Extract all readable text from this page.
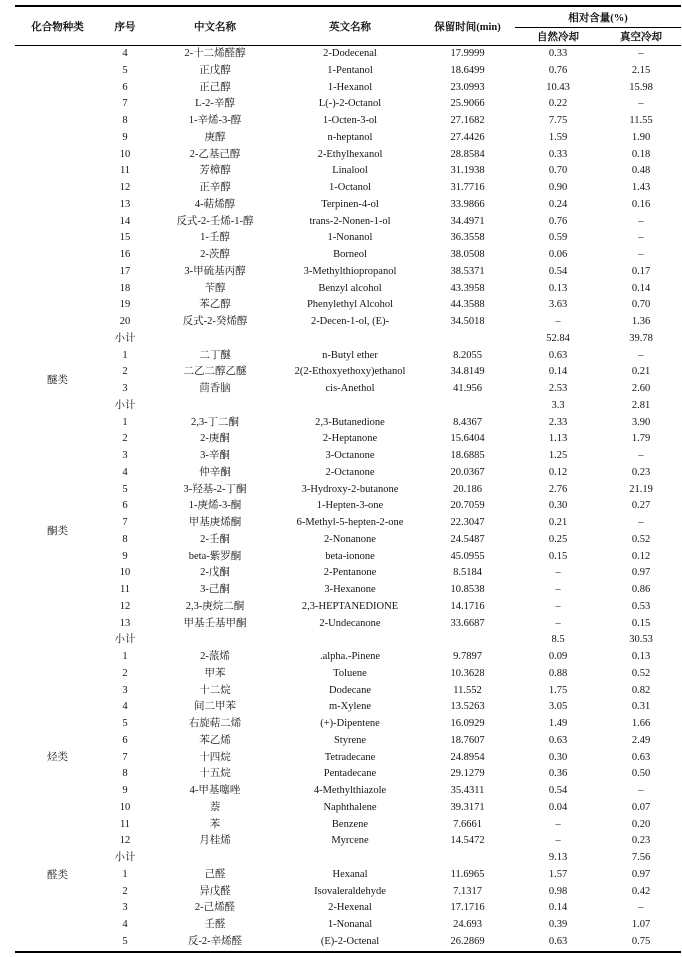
化合物种类	序号	中文名称	英文名称	保留时间(min)	相对含量(%)	
					自然冷却	真空冷却
	4	2-十二烯醛醇	2-Dodecenal	17.9999	0.33	–
	5	正戊醇	1-Pentanol	18.6499	0.76	2.15
	6	正己醇	1-Hexanol	23.0993	10.43	15.98
	7	L-2-辛醇	L(-)-2-Octanol	25.9066	0.22	–
	8	1-辛烯-3-醇	1-Octen-3-ol	27.1682	7.75	11.55
	9	庚醇	n-heptanol	27.4426	1.59	1.90
	10	2-乙基己醇	2-Ethylhexanol	28.8584	0.33	0.18
	11	芳樟醇	Linalool	31.1938	0.70	0.48
	12	正辛醇	1-Octanol	31.7716	0.90	1.43
	13	4-萜烯醇	Terpinen-4-ol	33.9866	0.24	0.16
	14	反式-2-壬烯-1-醇	trans-2-Nonen-1-ol	34.4971	0.76	–
	15	1-壬醇	1-Nonanol	36.3558	0.59	–
	16	2-茨醇	Borneol	38.0508	0.06	–
	17	3-甲硫基丙醇	3-Methylthiopropanol	38.5371	0.54	0.17
	18	苄醇	Benzyl alcohol	43.3958	0.13	0.14
	19	苯乙醇	Phenylethyl Alcohol	44.3588	3.63	0.70
	20	反式-2-癸烯醇	2-Decen-1-ol, (E)-	34.5018	–	1.36
	小计				52.84	39.78
醚类	1	二丁醚	n-Butyl ether	8.2055	0.63	–
	2	二乙二醇乙醚	2(2-Ethoxyethoxy)ethanol	34.8149	0.14	0.21
	3	茴香脑	cis-Anethol	41.956	2.53	2.60
	小计				3.3	2.81
酮类	1	2,3-丁二酮	2,3-Butanedione	8.4367	2.33	3.90
	2	2-庚酮	2-Heptanone	15.6404	1.13	1.79
	3	3-辛酮	3-Octanone	18.6885	1.25	–
	4	仲辛酮	2-Octanone	20.0367	0.12	0.23
	5	3-羟基-2-丁酮	3-Hydroxy-2-butanone	20.186	2.76	21.19
	6	1-庚烯-3-酮	1-Hepten-3-one	20.7059	0.30	0.27
	7	甲基庚烯酮	6-Methyl-5-hepten-2-one	22.3047	0.21	–
	8	2-壬酮	2-Nonanone	24.5487	0.25	0.52
	9	beta-紫罗酮	beta-ionone	45.0955	0.15	0.12
	10	2-戊酮	2-Pentanone	8.5184	–	0.97
	11	3-己酮	3-Hexanone	10.8538	–	0.86
	12	2,3-庚烷二酮	2,3-HEPTANEDIONE	14.1716	–	0.53
	13	甲基壬基甲酮	2-Undecanone	33.6687	–	0.15
	小计				8.5	30.53
烃类	1	2-蒎烯	.alpha.-Pinene	9.7897	0.09	0.13
	2	甲苯	Toluene	10.3628	0.88	0.52
	3	十二烷	Dodecane	11.552	1.75	0.82
	4	间二甲苯	m-Xylene	13.5263	3.05	0.31
	5	右旋萜二烯	(+)-Dipentene	16.0929	1.49	1.66
	6	苯乙烯	Styrene	18.7607	0.63	2.49
	7	十四烷	Tetradecane	24.8954	0.30	0.63
	8	十五烷	Pentadecane	29.1279	0.36	0.50
	9	4-甲基噻唑	4-Methylthiazole	35.4311	0.54	–
	10	萘	Naphthalene	39.3171	0.04	0.07
	11	苯	Benzene	7.6661	–	0.20
	12	月桂烯	Myrcene	14.5472	–	0.23
	小计				9.13	7.56
醛类	1	己醛	Hexanal	11.6965	1.57	0.97
	2	异戊醛	Isovaleraldehyde	7.1317	0.98	0.42
	3	2-己烯醛	2-Hexenal	17.1716	0.14	–
	4	壬醛	1-Nonanal	24.693	0.39	1.07
	5	反-2-辛烯醛	(E)-2-Octenal	26.2869	0.63	0.75
